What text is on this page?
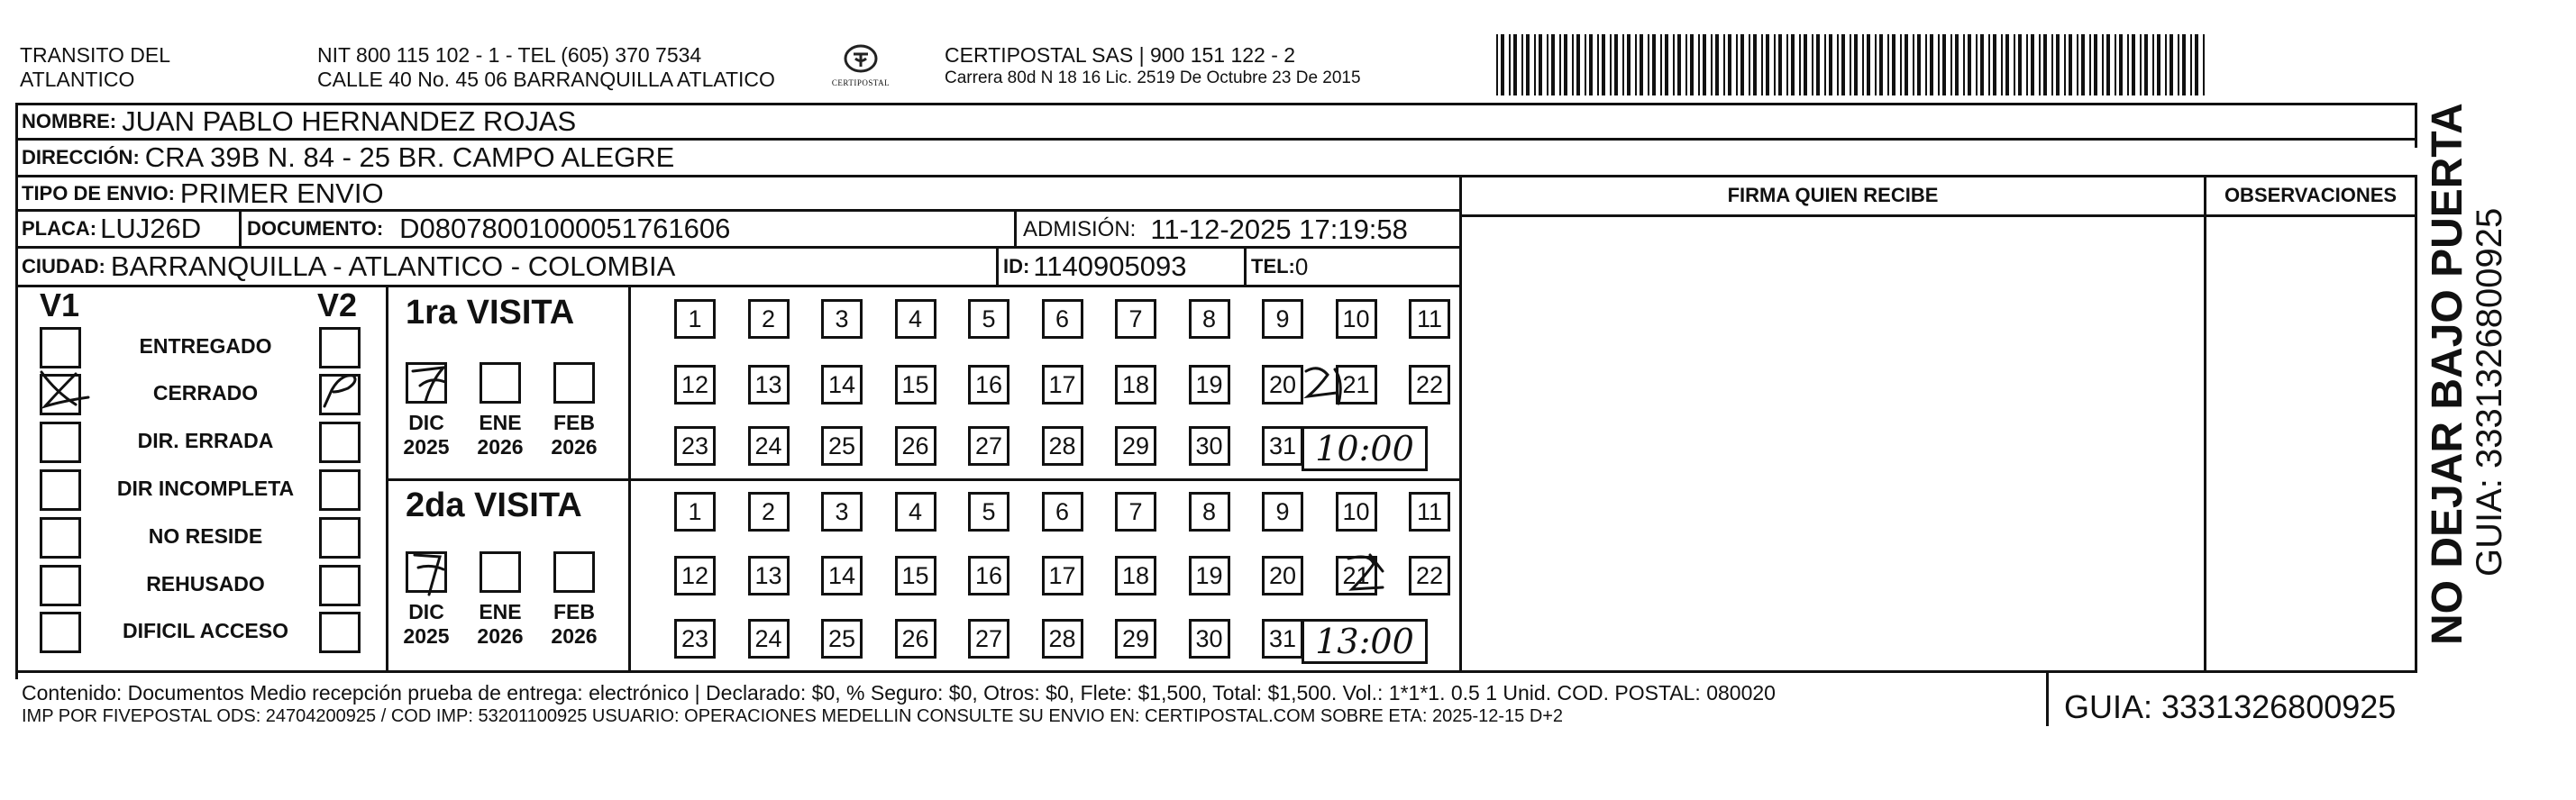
TRANSITO DEL
ATLANTICO
NIT 800 115 102 - 1 - TEL (605) 370 7534
CALLE 40 No. 45 06 BARRANQUILLA ATLATICO	CERTIPOSTAL
CERTIPOSTAL SAS | 900 151 122 - 2
Carrera 80d N 18 16 Lic. 2519 De Octubre 23 De 2015
NOMBRE: JUAN PABLO HERNANDEZ ROJAS
DIRECCIÓN: CRA 39B N. 84 - 25 BR. CAMPO ALEGRE
TIPO DE ENVIO: PRIMER ENVIO	FIRMA QUIEN RECIBE	OBSERVACIONES
PLACA: LUJ26D DOCUMENTO: D08078001000051761606	ADMISIÓN: 11-12-2025 17:19:58
CIUDAD: BARRANQUILLA - ATLANTICO - COLOMBIA	ID: 1140905093	TEL: 0
V1	V2
ENTREGADO
CERRADO
DIR. ERRADA
DIR INCOMPLETA
NO RESIDE
REHUSADO
DIFICIL ACCESO
1ra VISITA
2da VISITA
DIC
2025
ENE
2026
FEB
2026
DIC
2025
ENE
2026
FEB
2026
1	2	3	4	5	6	7	8	9	10	11
12 13 14 15 16 17 18 19 20 21 22
23 24 25 26 27 28 29 30 31
1	2	3	4	5	6	7	8	9	10	11
12 13 14 15 16 17 18 19 20 21 22
23 24 25 26 27 28 29 30 31
10:00
13:00
Contenido: Documentos Medio recepción prueba de entrega: electrónico | Declarado: $0, % Seguro: $0, Otros: $0, Flete: $1,500, Total: $1,500. Vol.: 1*1*1. 0.5 1 Unid. COD. POSTAL: 080020
IMP POR FIVEPOSTAL ODS: 24704200925 / COD IMP: 53201100925 USUARIO: OPERACIONES MEDELLIN CONSULTE SU ENVIO EN: CERTIPOSTAL.COM SOBRE ETA: 2025-12-15 D+2	GUIA: 3331326800925
NO DEJAR BAJO PUERTA
GUIA: 3331326800925
